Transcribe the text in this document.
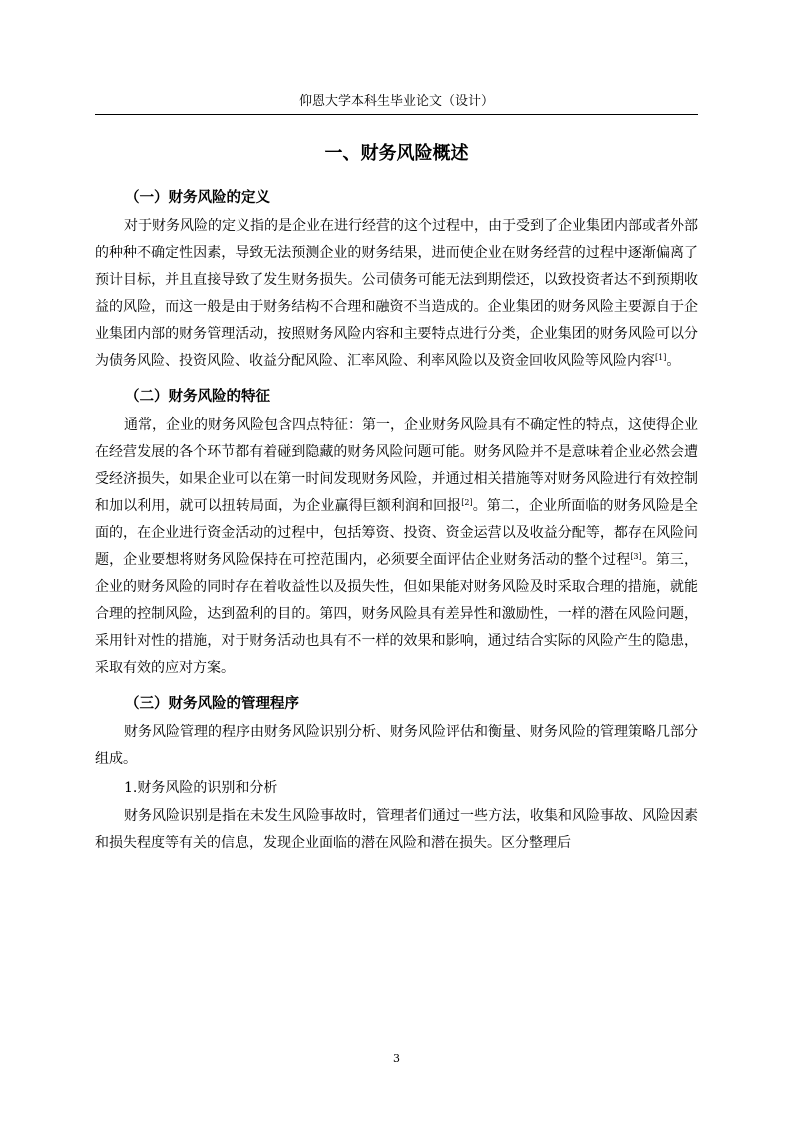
仰恩大学本科生毕业论文（设计）
一、财务风险概述
（一）财务风险的定义

对于财务风险的定义指的是企业在进行经营的这个过程中，由于受到了企业集团内部或者外部的种种不确定性因素，导致无法预测企业的财务结果，进而使企业在财务经营的过程中逐渐偏离了预计目标，并且直接导致了发生财务损失。公司债务可能无法到期偿还，以致投资者达不到预期收益的风险，而这一般是由于财务结构不合理和融资不当造成的。企业集团的财务风险主要源自于企业集团内部的财务管理活动，按照财务风险内容和主要特点进行分类，企业集团的财务风险可以分为债务风险、投资风险、收益分配风险、汇率风险、利率风险以及资金回收风险等风险内容[1]。

（二）财务风险的特征

通常，企业的财务风险包含四点特征：第一，企业财务风险具有不确定性的特点，这使得企业在经营发展的各个环节都有着碰到隐藏的财务风险问题可能。财务风险并不是意味着企业必然会遭受经济损失，如果企业可以在第一时间发现财务风险，并通过相关措施等对财务风险进行有效控制和加以利用，就可以扭转局面，为企业赢得巨额利润和回报[2]。第二，企业所面临的财务风险是全面的，在企业进行资金活动的过程中，包括筹资、投资、资金运营以及收益分配等，都存在风险问题，企业要想将财务风险保持在可控范围内，必须要全面评估企业财务活动的整个过程[3]。第三，企业的财务风险的同时存在着收益性以及损失性，但如果能对财务风险及时采取合理的措施，就能合理的控制风险，达到盈利的目的。第四，财务风险具有差异性和激励性，一样的潜在风险问题，采用针对性的措施，对于财务活动也具有不一样的效果和影响，通过结合实际的风险产生的隐患，采取有效的应对方案。

（三）财务风险的管理程序

财务风险管理的程序由财务风险识别分析、财务风险评估和衡量、财务风险的管理策略几部分组成。

1.财务风险的识别和分析

财务风险识别是指在未发生风险事故时，管理者们通过一些方法，收集和风险事故、风险因素和损失程度等有关的信息，发现企业面临的潜在风险和潜在损失。区分整理后

3
